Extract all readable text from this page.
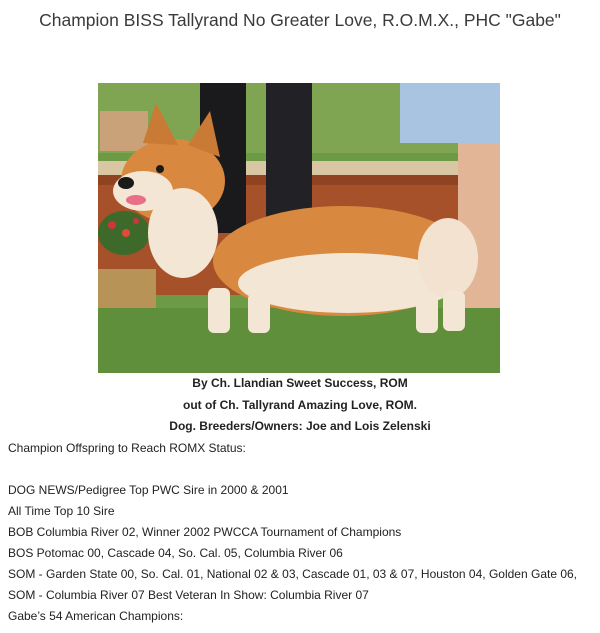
Champion BISS Tallyrand No Greater Love, R.O.M.X., PHC "Gabe"
By Ch. Llandian Sweet Success, ROM
out of Ch. Tallyrand Amazing Love, ROM.
Dog. Breeders/Owners: Joe and Lois Zelenski
Champion Offspring to Reach ROMX Status:
DOG NEWS/Pedigree Top PWC Sire in 2000 & 2001
All Time Top 10 Sire
BOB Columbia River 02, Winner 2002 PWCCA Tournament of Champions
BOS Potomac 00, Cascade 04, So. Cal. 05, Columbia River 06
SOM - Garden State 00, So. Cal. 01, National 02 & 03, Cascade 01, 03 & 07, Houston 04, Golden Gate 06,
SOM - Columbia River 07 Best Veteran In Show: Columbia River 07
Gabe’s 54 American Champions:
